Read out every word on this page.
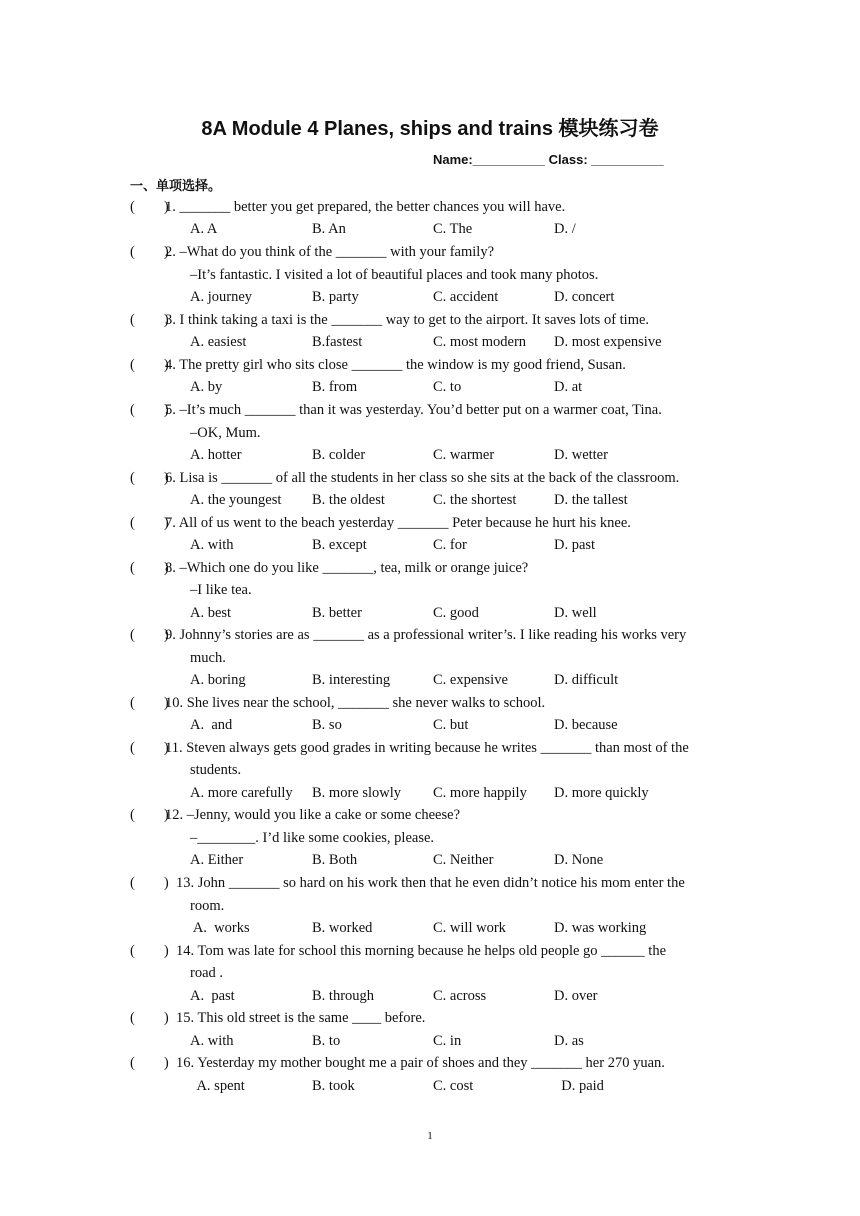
8A Module 4 Planes, ships and trains 模块练习卷
Name:__________ Class: __________
一、单项选择。
(        )
1. _______ better you get prepared, the better chances you will have.
A. A	B. An	C. The	D. /
(        )
2. –What do you think of the _______ with your family?
–It’s fantastic. I visited a lot of beautiful places and took many photos.
A. journey	B. party	C. accident	D. concert
(        )
3. I think taking a taxi is the _______ way to get to the airport. It saves lots of time.
A. easiest	B.fastest	C. most modern D. most expensive
(        )
4. The pretty girl who sits close _______ the window is my good friend, Susan.
A. by	B. from	C. to	D. at
(        )
5. –It’s much _______ than it was yesterday. You’d better put on a warmer coat, Tina.
–OK, Mum.
A. hotter	B. colder	C. warmer	D. wetter
(        )
6. Lisa is _______ of all the students in her class so she sits at the back of the classroom.
A. the youngest B. the oldest	C. the shortest	D. the tallest
(        )
7. All of us went to the beach yesterday _______ Peter because he hurt his knee.
A. with	B. except	C. for	D. past
(        )
8. –Which one do you like _______, tea, milk or orange juice?
–I like tea.
A. best	B. better	C. good	D. well
(        )
9. Johnny’s stories are as _______ as a professional writer’s. I like reading his works very
much.
A. boring	B. interesting	C. expensive	D. difficult
(        )
10. She lives near the school, _______ she never walks to school.
A.  and	B. so	C. but	D. because
(        )
11. Steven always gets good grades in writing because he writes _______ than most of the
students.
A. more carefully B. more slowly C. more happily D. more quickly
(        )
12. –Jenny, would you like a cake or some cheese?
–________. I’d like some cookies, please.
A. Either	B. Both	C. Neither	D. None
(        ) 13. John _______ so hard on his work then that he even didn’t notice his mom enter the
room.
A.  works	B. worked	C. will work	D. was working
(        ) 14. Tom was late for school this morning because he helps old people go ______ the
road .
A.  past	B. through	C. across	D. over
(        ) 15. This old street is the same ____ before.
A. with	B. to	C. in	D. as
(        ) 16. Yesterday my mother bought me a pair of shoes and they _______ her 270 yuan.
A. spent	B. took	C. cost	D. paid
1
